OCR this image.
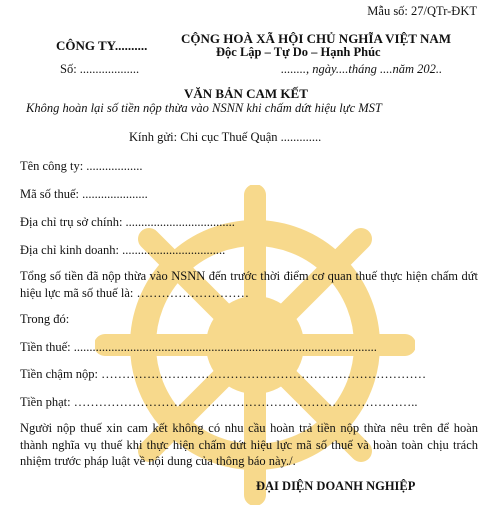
Mẫu số: 27/QTr-ĐKT
CÔNG TY..........	CỘNG HOÀ XÃ HỘI CHỦ NGHĨA VIỆT NAM
Độc Lập – Tự Do – Hạnh Phúc
Số: ...................	........, ngày....tháng ....năm 202..
VĂN BẢN CAM KẾT
Không hoàn lại số tiền nộp thừa vào NSNN khi chấm dứt hiệu lực MST
Kính gửi: Chi cục Thuế Quận .............
Tên công ty: ..................
Mã số thuế: .....................
Địa chỉ trụ sở chính: ...................................
Địa chỉ kinh doanh: .................................
Tổng số tiền đã nộp thừa vào NSNN đến trước thời điểm cơ quan thuế thực hiện chấm dứt hiệu lực mã số thuế là: ………………………
Trong đó:
Tiền thuế: .................................................................................................
Tiền chậm nộp: ……………………………………………………………………
Tiền phạt: ………………………………………………………………………..
Người nộp thuế xin cam kết không có nhu cầu hoàn trả tiền nộp thừa nêu trên để hoàn thành nghĩa vụ thuế khi thực hiện chấm dứt hiệu lực mã số thuế và hoàn toàn chịu trách nhiệm trước pháp luật về nội dung của thông báo này./.
ĐẠI DIỆN DOANH NGHIỆP
